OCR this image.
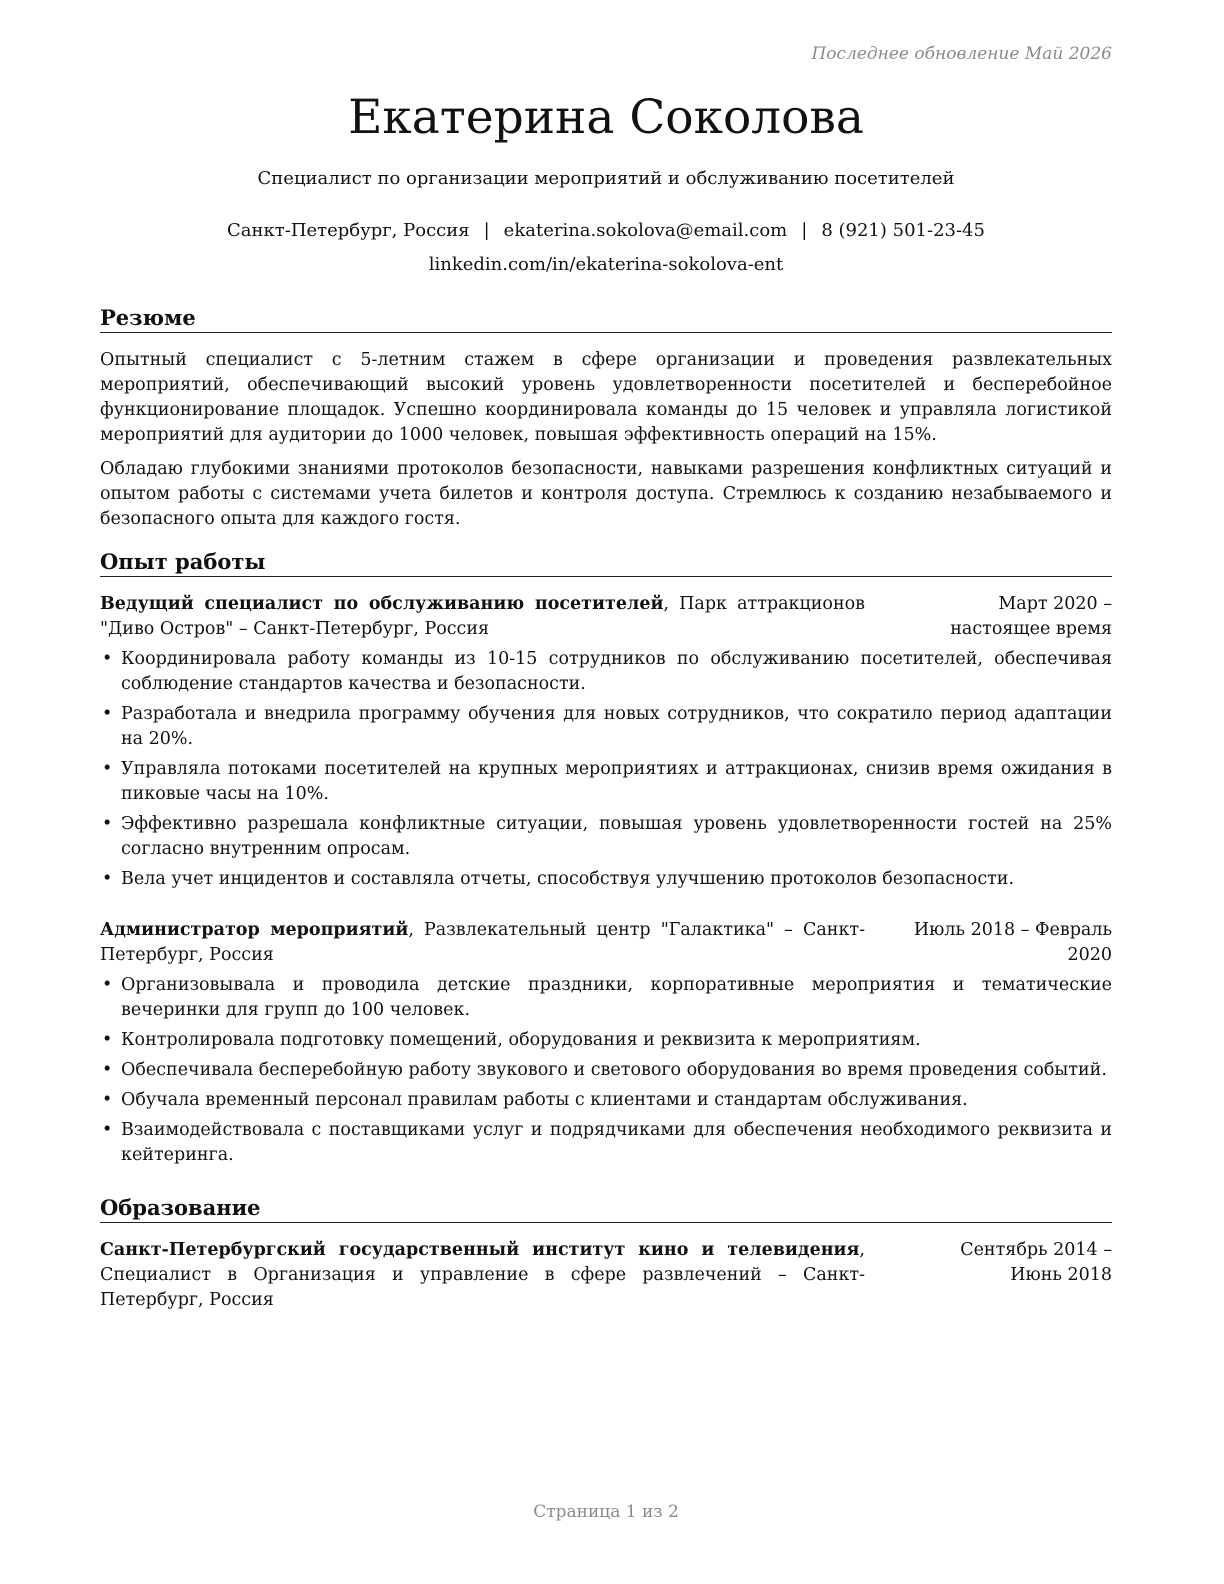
Последнее обновление Май 2026
Екатерина Соколова
Специалист по организации мероприятий и обслуживанию посетителей
Санкт-Петербург, Россия | ekaterina.sokolova@email.com | 8 (921) 501-23-45
linkedin.com/in/ekaterina-sokolova-ent
Резюме

Опытный специалист с 5-летним стажем в сфере организации и проведения развлекательных мероприятий, обеспечивающий высокий уровень удовлетворенности посетителей и бесперебойное функционирование площадок. Успешно координировала команды до 15 человек и управляла логистикой мероприятий для аудитории до 1000 человек, повышая эффективность операций на 15%.

Обладаю глубокими знаниями протоколов безопасности, навыками разрешения конфликтных ситуаций и опытом работы с системами учета билетов и контроля доступа. Стремлюсь к созданию незабываемого и безопасного опыта для каждого гостя.

Опыт работы
Ведущий специалист по обслуживанию посетителей, Парк аттракционов "Диво Остров" – Санкт-Петербург, Россия
Март 2020 – настоящее время
• Координировала работу команды из 10-15 сотрудников по обслуживанию посетителей, обеспечивая соблюдение стандартов качества и безопасности.
• Разработала и внедрила программу обучения для новых сотрудников, что сократило период адаптации на 20%.
• Управляла потоками посетителей на крупных мероприятиях и аттракционах, снизив время ожидания в пиковые часы на 10%.
• Эффективно разрешала конфликтные ситуации, повышая уровень удовлетворенности гостей на 25% согласно внутренним опросам.
• Вела учет инцидентов и составляла отчеты, способствуя улучшению протоколов безопасности.
Администратор мероприятий, Развлекательный центр "Галактика" – Санкт-Петербург, Россия
Июль 2018 – Февраль 2020
• Организовывала и проводила детские праздники, корпоративные мероприятия и тематические вечеринки для групп до 100 человек.
• Контролировала подготовку помещений, оборудования и реквизита к мероприятиям.
• Обеспечивала бесперебойную работу звукового и светового оборудования во время проведения событий.
• Обучала временный персонал правилам работы с клиентами и стандартам обслуживания.
• Взаимодействовала с поставщиками услуг и подрядчиками для обеспечения необходимого реквизита и кейтеринга.
Образование
Санкт-Петербургский государственный институт кино и телевидения, Специалист в Организация и управление в сфере развлечений – Санкт-Петербург, Россия
Сентябрь 2014 – Июнь 2018
Страница 1 из 2
